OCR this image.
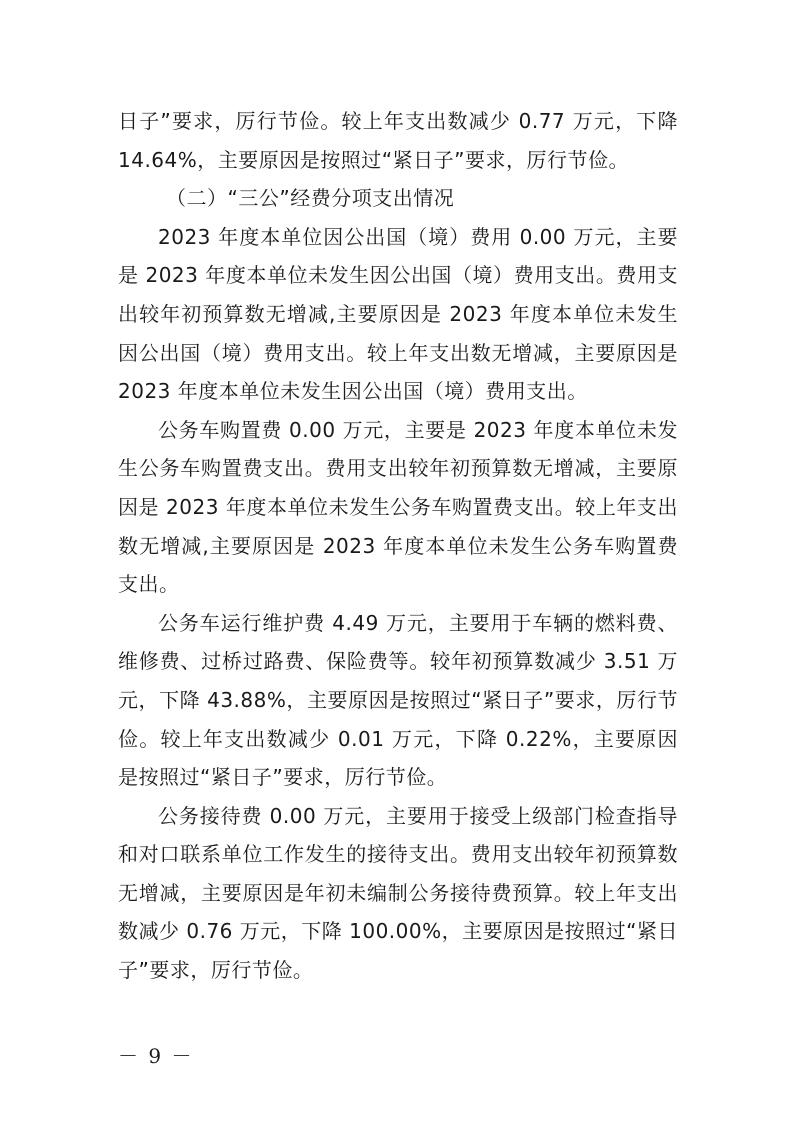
日子”要求，厉行节俭。较上年支出数减少 0.77 万元，下降 14.64%，主要原因是按照过“紧日子”要求，厉行节俭。

（二）“三公”经费分项支出情况

2023 年度本单位因公出国（境）费用 0.00 万元，主要是 2023 年度本单位未发生因公出国（境）费用支出。费用支出较年初预算数无增减,主要原因是 2023 年度本单位未发生因公出国（境）费用支出。较上年支出数无增减，主要原因是 2023 年度本单位未发生因公出国（境）费用支出。

公务车购置费 0.00 万元，主要是 2023 年度本单位未发生公务车购置费支出。费用支出较年初预算数无增减，主要原因是 2023 年度本单位未发生公务车购置费支出。较上年支出数无增减,主要原因是 2023 年度本单位未发生公务车购置费支出。

公务车运行维护费 4.49 万元，主要用于车辆的燃料费、维修费、过桥过路费、保险费等。较年初预算数减少 3.51 万元，下降 43.88%，主要原因是按照过“紧日子”要求，厉行节俭。较上年支出数减少 0.01 万元，下降 0.22%，主要原因是按照过“紧日子”要求，厉行节俭。

公务接待费 0.00 万元，主要用于接受上级部门检查指导和对口联系单位工作发生的接待支出。费用支出较年初预算数无增减，主要原因是年初未编制公务接待费预算。较上年支出数减少 0.76 万元，下降 100.00%，主要原因是按照过“紧日子”要求，厉行节俭。

－ 9 －
